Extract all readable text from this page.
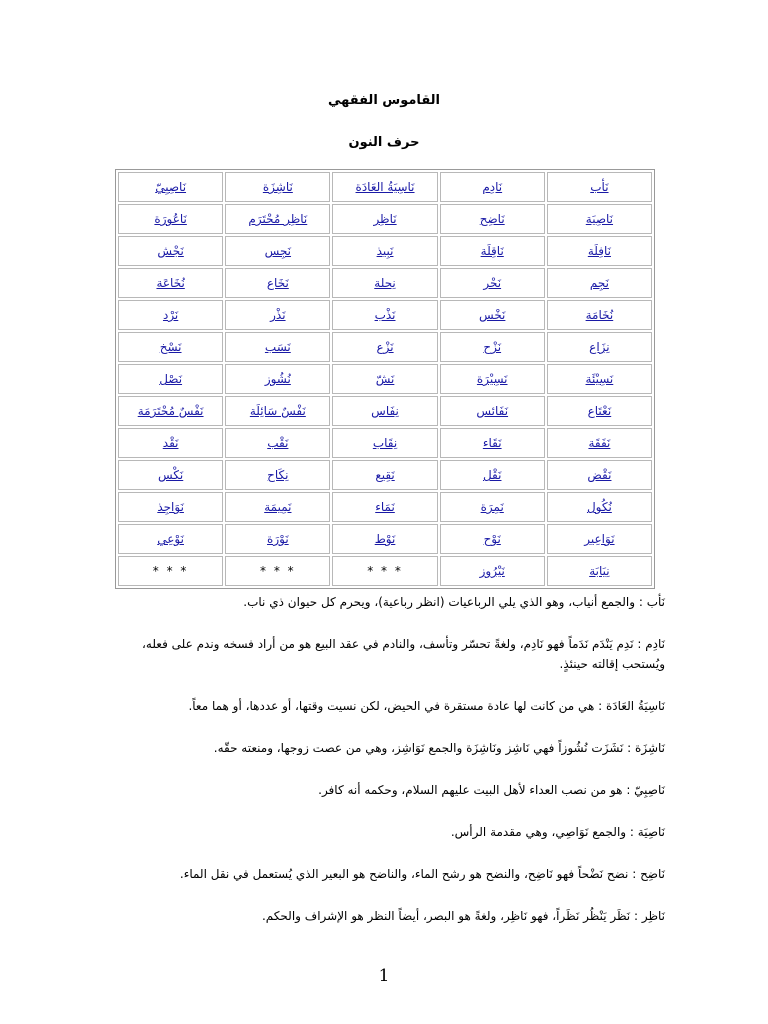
القاموس الفقهي
حرف النون
نَأب	نَادِم	نَاسِيَةُ العَادَة	نَاشِزَة	نَاصِبِيّ
نَاصِيَة	نَاضِح	نَاظِر	نَاظِر مُحْتَرَم	نَاعُورَة
نَافِلَة	نَاقِلَة	نَبِيذ	نَجِس	نَجْش
نَجِم	نَحْر	نِحلة	نَخَاع	نُخَاعَة
نُخَامَة	نَخْس	نَذْب	نَذْر	نَرْد
نِزَاع	نَزْح	نَزْع	نَسَب	نَسْخ
نَسِيْئَة	نَسِيْرَة	نَشّ	نُشُوز	نَصْل
نَعْتَاع	نَفَائس	نِفَاس	نَفْسٌ سَائِلَة	نَفْسٌ مُحْتَرَمَة
نَفَقَة	نَقَاء	نِقَاب	نَقْب	نَقْد
نَقْض	نَقْل	نَقِيع	نِكَاح	نَكْس
نُكُول	نَمِرَة	نَمَاء	نَمِيمَة	نَوَاجِذ
نَوَاعِير	نَوْح	نَوْط	نَوْرَة	نَوْعِي
نِيَابَة	نَيْرُوز	* * *	* * *	* * *

نَأب : والجمع أنياب، وهو الذي يلي الرباعيات (انظر رباعية)، ويحرم كل حيوان ذي ناب.

نَادِم : نَدِم يَنْدَم نَدَماً فهو نَادِم، ولغةً تحسّر وتأسف، والنادم في عقد البيع هو من أراد فسخه وندم على فعله،

ويُستحب إقالته حينئذٍ.

نَاسِيَةُ العَادَة : هي من كانت لها عادة مستقرة في الحيض، لكن نسيت وقتها، أو عددها، أو هما معاً.

نَاشِزَة : نَشَزَت نُشُوزاً فهي نَاشِز ونَاشِزَة والجمع نَوَاشِز، وهي من عصت زوجها، ومنعته حقّه.

نَاصِبِيّ : هو من نصب العداء لأهل البيت عليهم السلام، وحكمه أنه كافر.

نَاصِيَة : والجمع نَوَاصِي، وهي مقدمة الرأس.

نَاضِح : نضح نَضْحاً فهو نَاضِح، والنضح هو رشح الماء، والناضح هو البعير الذي يُستعمل في نقل الماء.

نَاظِر : نَظَر يَنْظُر نَظَراً، فهو نَاظِر، ولغةً هو البصر، أيضاً النظر هو الإشراف والحكم.

1
